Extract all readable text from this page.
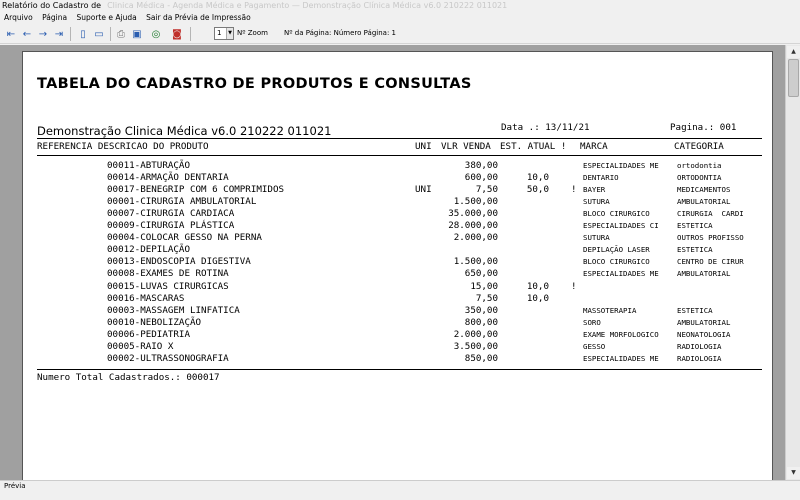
Relatório do Cadastro de Clinica Médica - Agenda Médica e Pagamento — Demonstração Clínica Médica v6.0 210222 011021
Arquivo Página Suporte e Ajuda Sair da Prévia de Impressão
⇤ ← → ⇥	▯ ▭	⎙ ▣ ◎ ◙	1	▼ Nº Zoom Nº da Página: Número Página: 1
TABELA DO CADASTRO DE PRODUTOS E CONSULTAS
Demonstração Clinica Médica v6.0 210222 011021	Data .: 13/11/21	Pagina.: 001
REFERENCIA DESCRICAO DO PRODUTO	UNI VLR VENDA EST. ATUAL ! MARCA	CATEGORIA
00011-ABTURAÇÃO	380,00	ESPECIALIDADES ME ortodontia
00014-ARMAÇÃO DENTARIA	600,00	10,0	DENTARIO	ORTODONTIA
00017-BENEGRIP COM 6 COMPRIMIDOS	UNI	7,50	50,0 ! BAYER	MEDICAMENTOS
00001-CIRURGIA AMBULATORIAL	1.500,00	SUTURA	AMBULATORIAL
00007-CIRURGIA CARDIACA	35.000,00	BLOCO CIRURGICO	CIRURGIA  CARDI
00009-CIRURGIA PLÁSTICA	28.000,00	ESPECIALIDADES CI ESTETICA
00004-COLOCAR GESSO NA PERNA	2.000,00	SUTURA	OUTROS PROFISSO
00012-DEPILAÇÃO	DEPILAÇÃO LASER	ESTETICA
00013-ENDOSCOPIA DIGESTIVA	1.500,00	BLOCO CIRURGICO	CENTRO DE CIRUR
00008-EXAMES DE ROTINA	650,00	ESPECIALIDADES ME AMBULATORIAL
00015-LUVAS CIRURGICAS	15,00	10,0 !
00016-MASCARAS	7,50	10,0
00003-MASSAGEM LINFATICA	350,00	MASSOTERAPIA	ESTETICA
00010-NEBOLIZAÇÃO	800,00	SORO	AMBULATORIAL
00006-PEDIATRIA	2.000,00	EXAME MORFOLOGICO NEONATOLOGIA
00005-RAIO X	3.500,00	GESSO	RADIOLOGIA
00002-ULTRASSONOGRAFIA	850,00	ESPECIALIDADES ME RADIOLOGIA
Numero Total Cadastrados.: 000017
▲
▼
Prévia
